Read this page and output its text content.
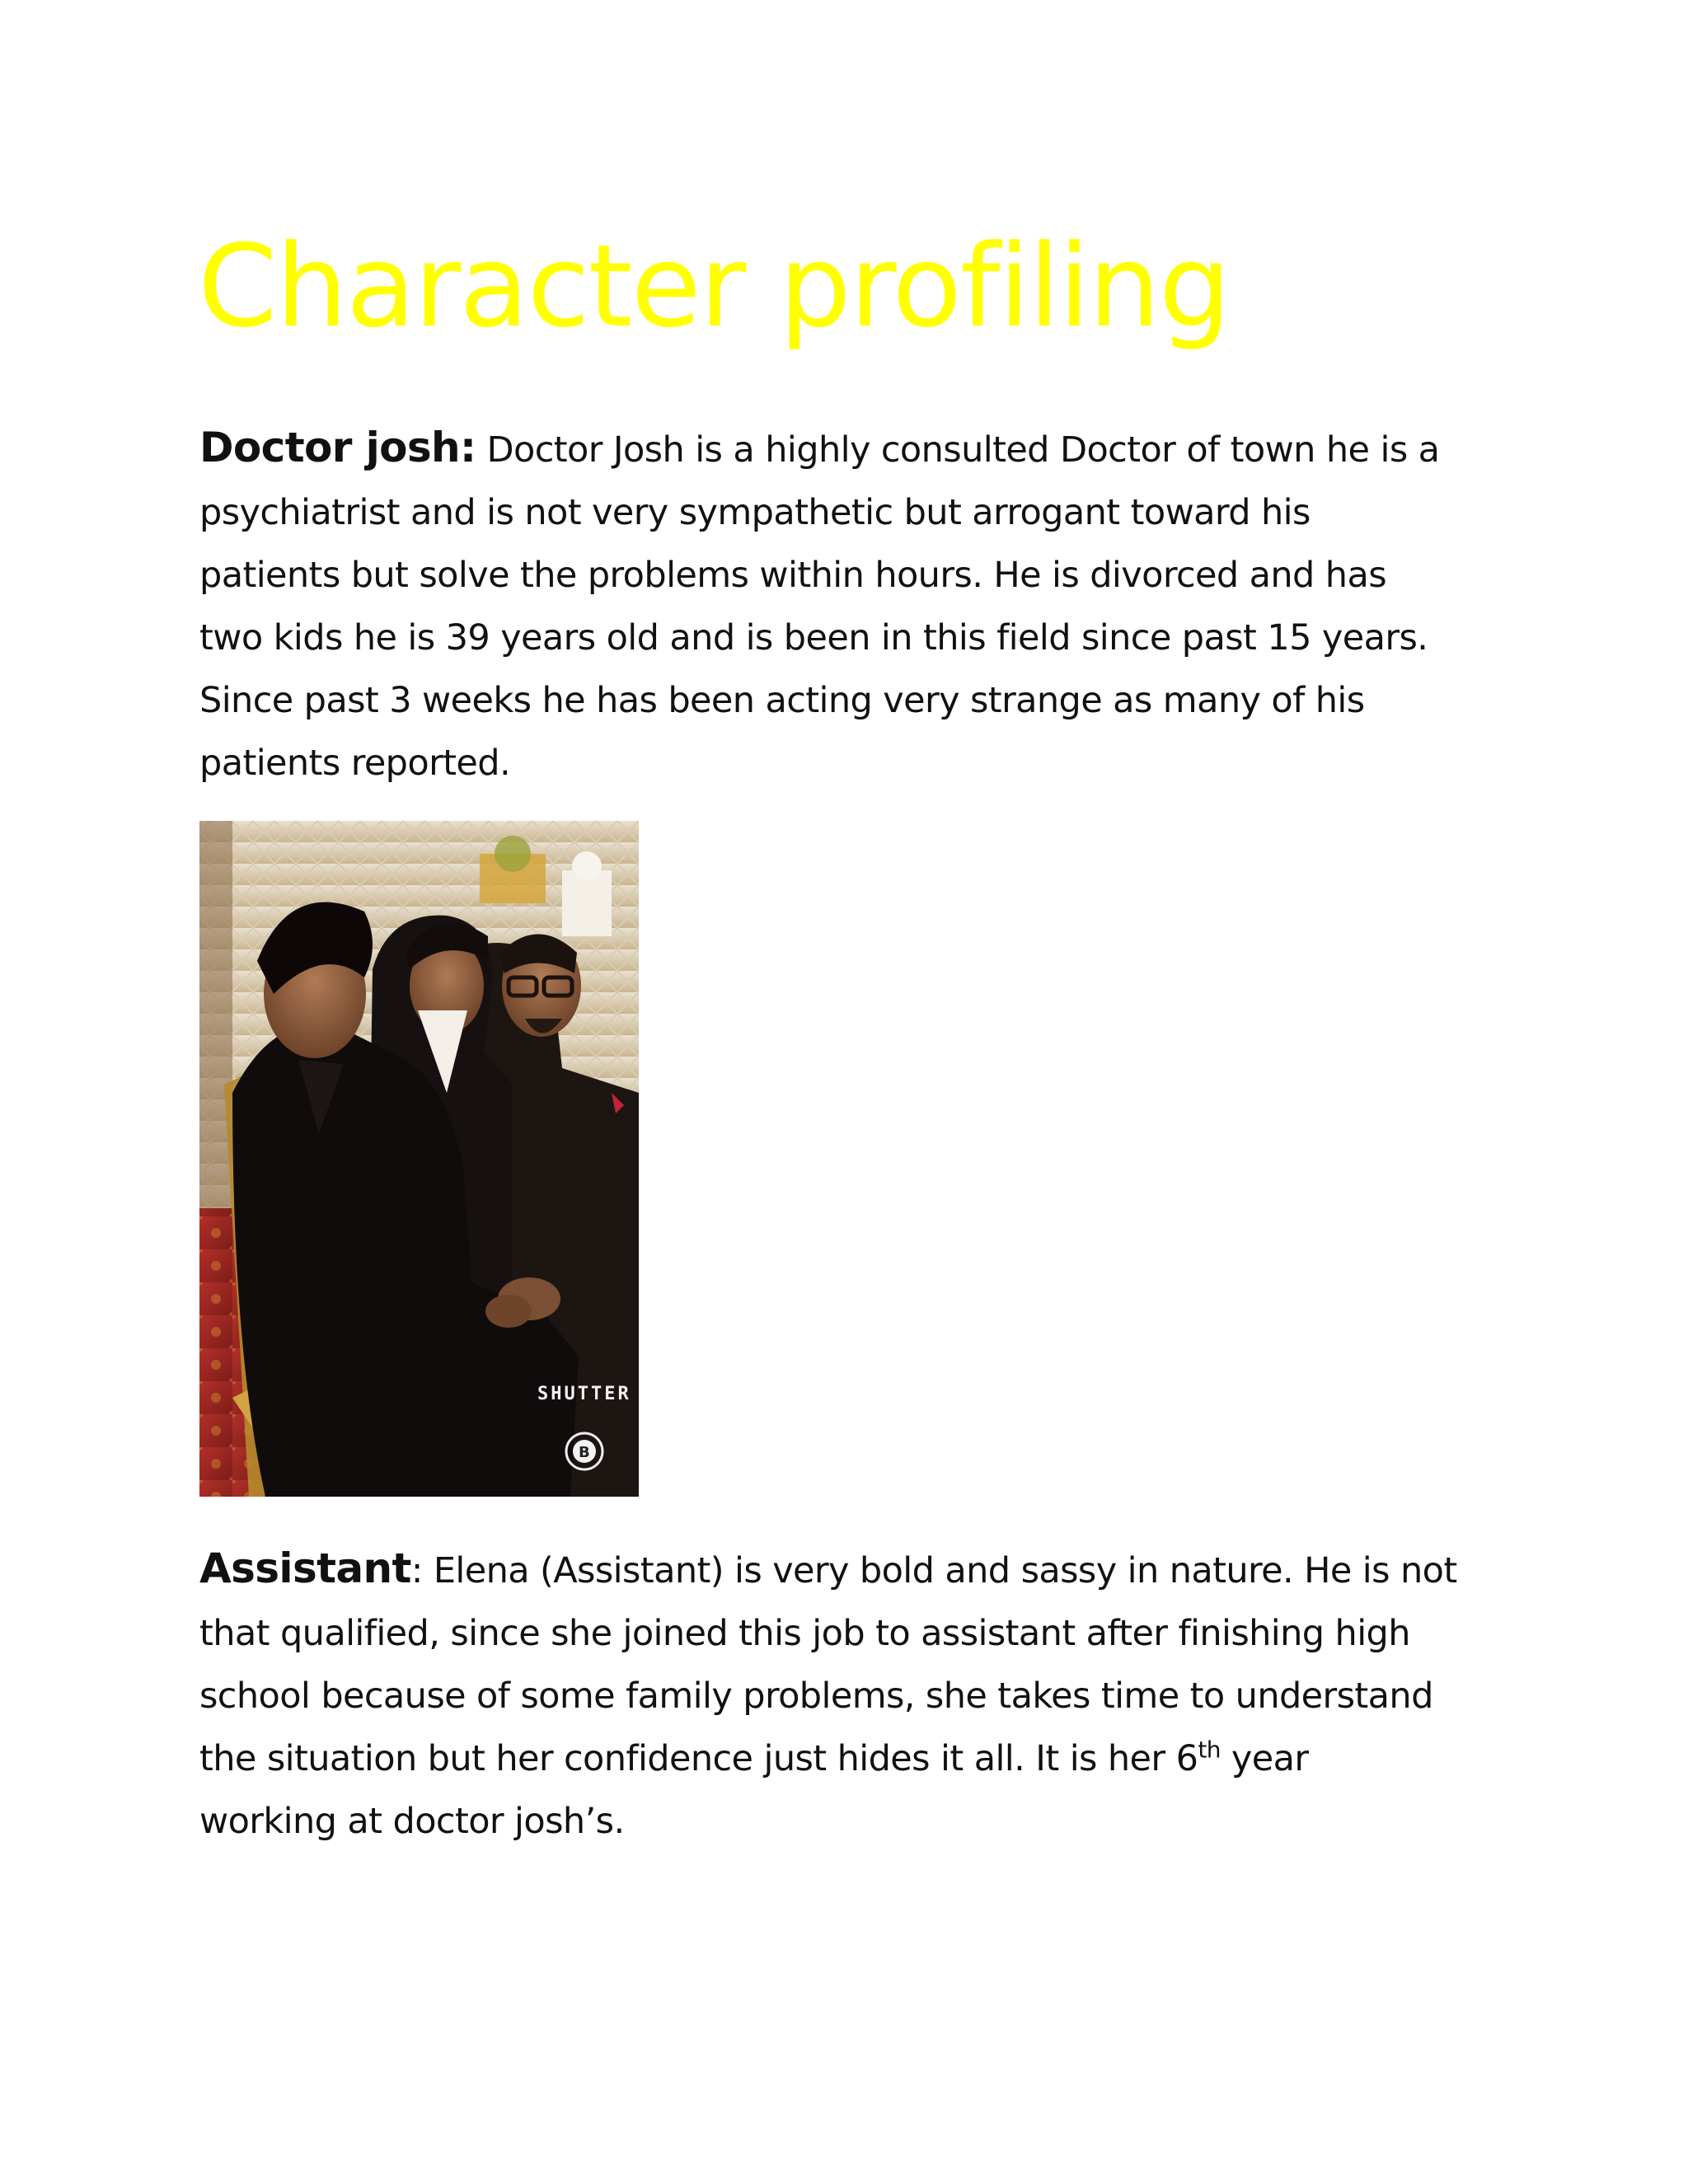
Character profiling

Doctor josh: Doctor Josh is a highly consulted Doctor of town he is a
psychiatrist and is not very sympathetic but arrogant toward his
patients but solve the problems within hours. He is divorced and has
two kids he is 39 years old and is been in this field since past 15 years.
Since past 3 weeks he has been acting very strange as many of his
patients reported.

SHUTTER
B

Assistant: Elena (Assistant) is very bold and sassy in nature. He is not
that qualified, since she joined this job to assistant after finishing high
school because of some family problems, she takes time to understand
the situation but her confidence just hides it all. It is her 6th year
working at doctor josh’s.
